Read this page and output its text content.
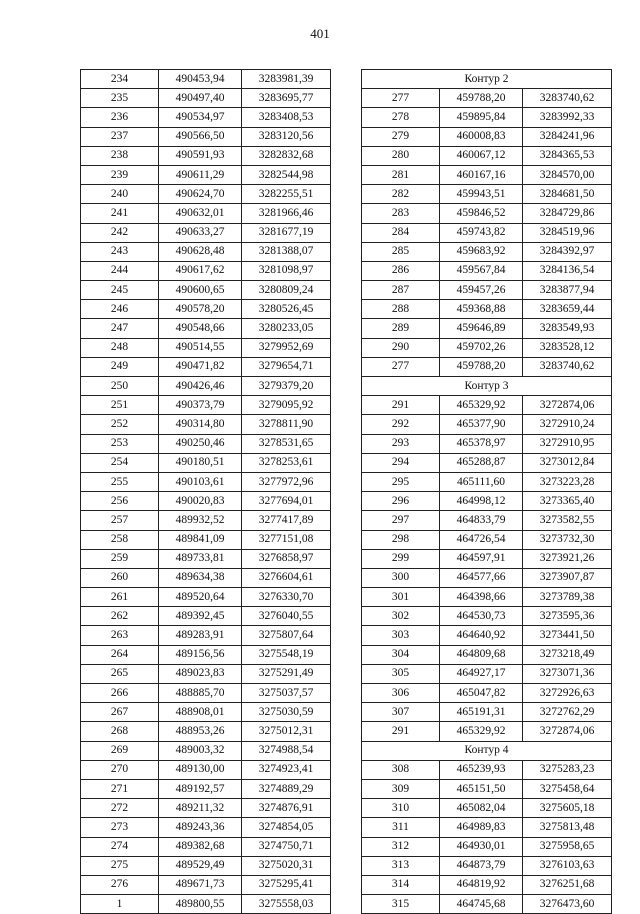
401
234	490453,94	3283981,39
235	490497,40	3283695,77
236	490534,97	3283408,53
237	490566,50	3283120,56
238	490591,93	3282832,68
239	490611,29	3282544,98
240	490624,70	3282255,51
241	490632,01	3281966,46
242	490633,27	3281677,19
243	490628,48	3281388,07
244	490617,62	3281098,97
245	490600,65	3280809,24
246	490578,20	3280526,45
247	490548,66	3280233,05
248	490514,55	3279952,69
249	490471,82	3279654,71
250	490426,46	3279379,20
251	490373,79	3279095,92
252	490314,80	3278811,90
253	490250,46	3278531,65
254	490180,51	3278253,61
255	490103,61	3277972,96
256	490020,83	3277694,01
257	489932,52	3277417,89
258	489841,09	3277151,08
259	489733,81	3276858,97
260	489634,38	3276604,61
261	489520,64	3276330,70
262	489392,45	3276040,55
263	489283,91	3275807,64
264	489156,56	3275548,19
265	489023,83	3275291,49
266	488885,70	3275037,57
267	488908,01	3275030,59
268	488953,26	3275012,31
269	489003,32	3274988,54
270	489130,00	3274923,41
271	489192,57	3274889,29
272	489211,32	3274876,91
273	489243,36	3274854,05
274	489382,68	3274750,71
275	489529,49	3275020,31
276	489671,73	3275295,41
1	489800,55	3275558,03
Контур 2		
277	459788,20	3283740,62
278	459895,84	3283992,33
279	460008,83	3284241,96
280	460067,12	3284365,53
281	460167,16	3284570,00
282	459943,51	3284681,50
283	459846,52	3284729,86
284	459743,82	3284519,96
285	459683,92	3284392,97
286	459567,84	3284136,54
287	459457,26	3283877,94
288	459368,88	3283659,44
289	459646,89	3283549,93
290	459702,26	3283528,12
277	459788,20	3283740,62
Контур 3		
291	465329,92	3272874,06
292	465377,90	3272910,24
293	465378,97	3272910,95
294	465288,87	3273012,84
295	465111,60	3273223,28
296	464998,12	3273365,40
297	464833,79	3273582,55
298	464726,54	3273732,30
299	464597,91	3273921,26
300	464577,66	3273907,87
301	464398,66	3273789,38
302	464530,73	3273595,36
303	464640,92	3273441,50
304	464809,68	3273218,49
305	464927,17	3273071,36
306	465047,82	3272926,63
307	465191,31	3272762,29
291	465329,92	3272874,06
Контур 4		
308	465239,93	3275283,23
309	465151,50	3275458,64
310	465082,04	3275605,18
311	464989,83	3275813,48
312	464930,01	3275958,65
313	464873,79	3276103,63
314	464819,92	3276251,68
315	464745,68	3276473,60
